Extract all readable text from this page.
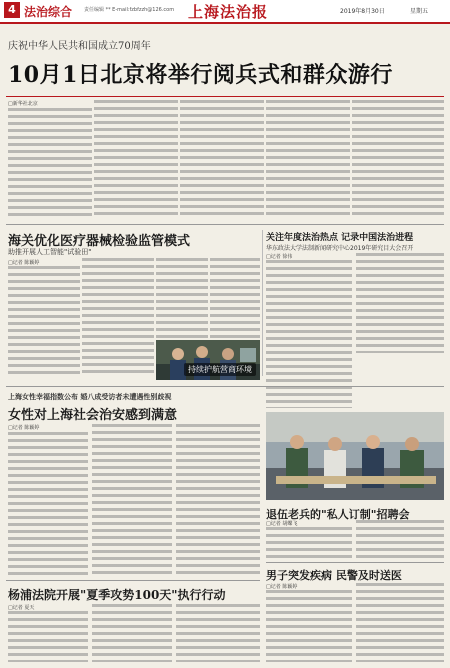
4 法治综合 责任编辑 ** E-mail:fzbfzzh@126.com 上海法治报	2019年8月30日	星期五
庆祝中华人民共和国成立70周年
10月1日北京将举行阅兵式和群众游行
□新华社北京
海关优化医疗器械检验监管模式
助推开展人工智能"试验田"
□记者 陈颖婷
关注年度法治热点 记录中国法治进程
华东政法大学法制新闻研究中心2019年研究目大会召开
□记者 徐伟
持续护航营商环境
上海女性幸福指数公布 婚八成受访者未遭遇性别歧视
女性对上海社会治安感到满意
□记者 陈颖婷
退伍老兵的"私人订制"招聘会
□记者 胡蝶飞
男子突发疾病 民警及时送医
□记者 陈颖婷
杨浦法院开展"夏季攻势100天"执行行动
□记者 夏天
